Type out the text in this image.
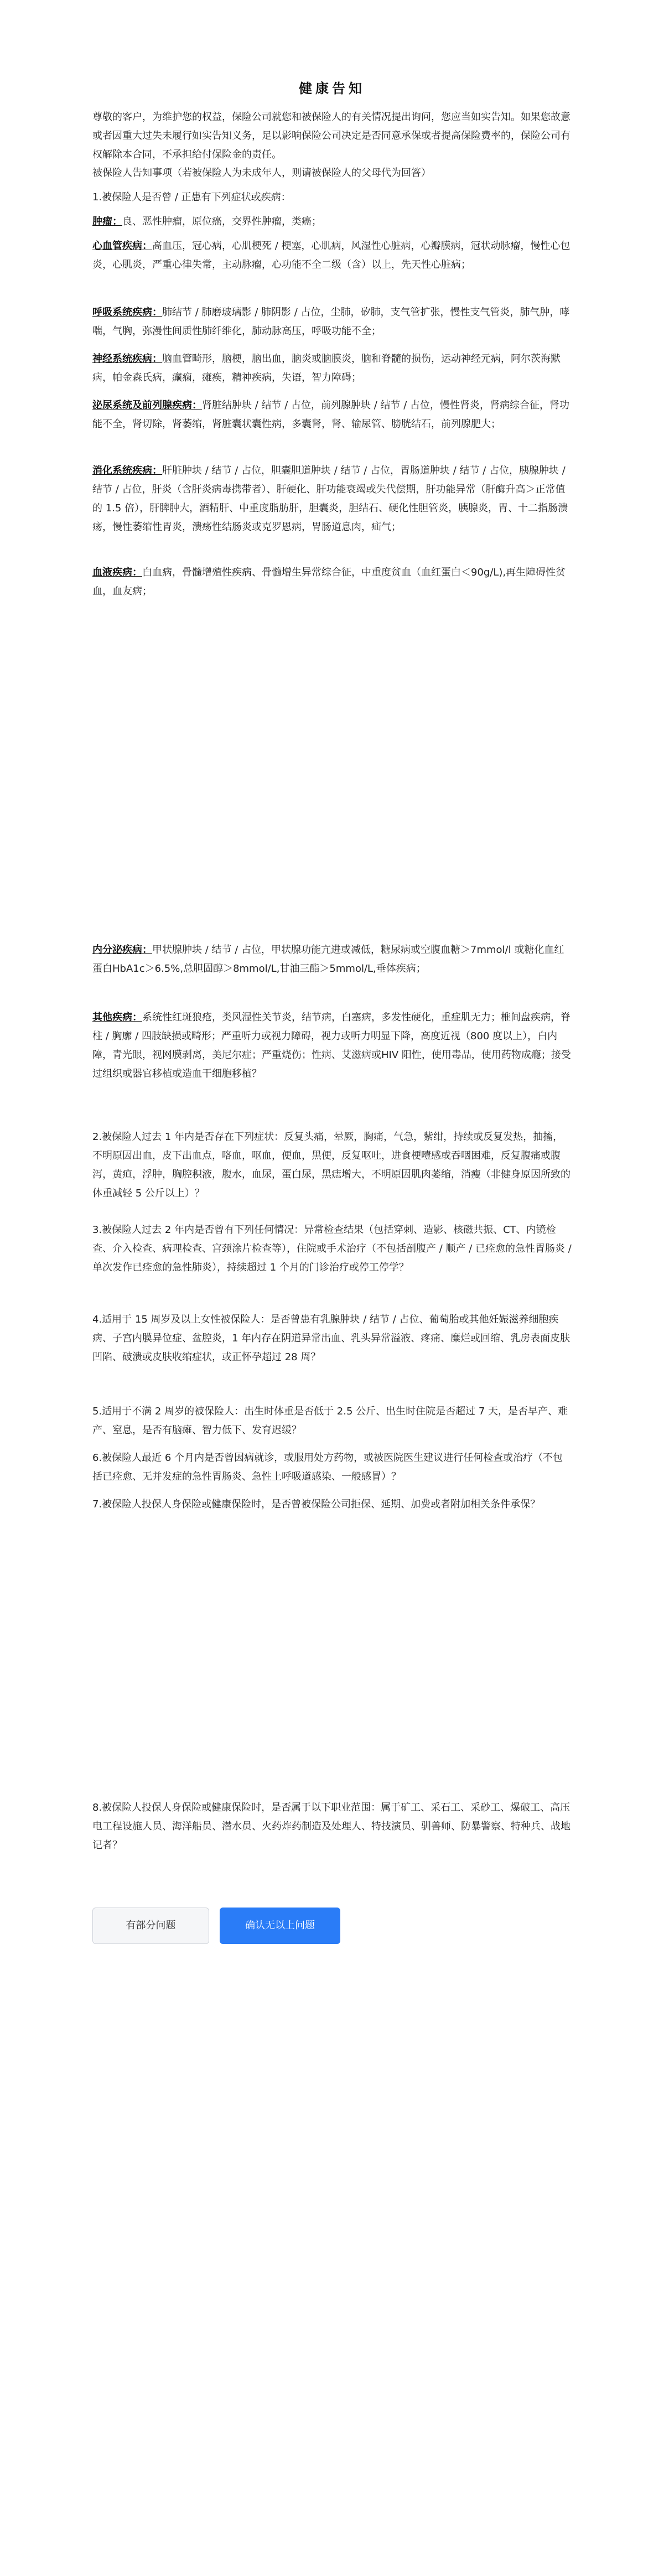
健康告知

尊敬的客户，为维护您的权益，保险公司就您和被保险人的有关情况提出询问，您应当如实告知。如果您故意或者因重大过失未履行如实告知义务，足以影响保险公司决定是否同意承保或者提高保险费率的，保险公司有权解除本合同，不承担给付保险金的责任。

被保险人告知事项（若被保险人为未成年人，则请被保险人的父母代为回答）

1.被保险人是否曾 / 正患有下列症状或疾病：

肿瘤：良、恶性肿瘤，原位癌，交界性肿瘤，类癌；

心血管疾病：高血压，冠心病，心肌梗死 / 梗塞，心肌病，风湿性心脏病，心瓣膜病，冠状动脉瘤，慢性心包炎，心肌炎，严重心律失常，主动脉瘤，心功能不全二级（含）以上，先天性心脏病；

呼吸系统疾病：肺结节 / 肺磨玻璃影 / 肺阴影 / 占位，尘肺，矽肺，支气管扩张，慢性支气管炎，肺气肿，哮喘，气胸，弥漫性间质性肺纤维化，肺动脉高压，呼吸功能不全；

神经系统疾病：脑血管畸形，脑梗，脑出血，脑炎或脑膜炎，脑和脊髓的损伤，运动神经元病，阿尔茨海默病，帕金森氏病，癫痫，瘫痪，精神疾病，失语，智力障碍；

泌尿系统及前列腺疾病：肾脏结肿块 / 结节 / 占位，前列腺肿块 / 结节 / 占位，慢性肾炎，肾病综合征，肾功能不全，肾切除，肾萎缩，肾脏囊状囊性病，多囊肾，肾、输尿管、膀胱结石，前列腺肥大；

消化系统疾病：肝脏肿块 / 结节 / 占位，胆囊胆道肿块 / 结节 / 占位，胃肠道肿块 / 结节 / 占位，胰腺肿块 / 结节 / 占位，肝炎（含肝炎病毒携带者）、肝硬化、肝功能衰竭或失代偿期，肝功能异常（肝酶升高＞正常值的 1.5 倍），肝脾肿大，酒精肝、中重度脂肪肝，胆囊炎，胆结石、硬化性胆管炎，胰腺炎，胃、十二指肠溃疡，慢性萎缩性胃炎，溃疡性结肠炎或克罗恩病，胃肠道息肉，疝气；

血液疾病：白血病，骨髓增殖性疾病、骨髓增生异常综合征，中重度贫血（血红蛋白＜90g/L),再生障碍性贫血，血友病；

内分泌疾病：甲状腺肿块 / 结节 / 占位，甲状腺功能亢进或减低，糖尿病或空腹血糖＞7mmol/l 或糖化血红蛋白HbA1c＞6.5%,总胆固醇＞8mmol/L,甘油三酯＞5mmol/L,垂体疾病；

其他疾病：系统性红斑狼疮，类风湿性关节炎，结节病，白塞病，多发性硬化，重症肌无力；椎间盘疾病，脊柱 / 胸廓 / 四肢缺损或畸形；严重听力或视力障碍，视力或听力明显下降，高度近视（800 度以上），白内障，青光眼，视网膜剥离，美尼尔症；严重烧伤；性病、艾滋病或HIV 阳性，使用毒品，使用药物成瘾；接受过组织或器官移植或造血干细胞移植？

2.被保险人过去 1 年内是否存在下列症状：反复头痛，晕厥，胸痛，气急，紫绀，持续或反复发热，抽搐，不明原因出血，皮下出血点，咯血，呕血，便血，黑便，反复呕吐，进食梗噎感或吞咽困难，反复腹痛或腹泻，黄疸，浮肿，胸腔积液，腹水，血尿，蛋白尿，黑痣增大，不明原因肌肉萎缩，消瘦（非健身原因所致的体重减轻 5 公斤以上）？

3.被保险人过去 2 年内是否曾有下列任何情况：异常检查结果（包括穿刺、造影、核磁共振、CT、内镜检查、介入检查、病理检查、宫颈涂片检查等），住院或手术治疗（不包括剖腹产 / 顺产 / 已痊愈的急性胃肠炎 / 单次发作已痊愈的急性肺炎），持续超过 1 个月的门诊治疗或停工停学？

4.适用于 15 周岁及以上女性被保险人：是否曾患有乳腺肿块 / 结节 / 占位、葡萄胎或其他妊娠滋养细胞疾病、子宫内膜异位症、盆腔炎，1 年内存在阴道异常出血、乳头异常溢液、疼痛、糜烂或回缩、乳房表面皮肤凹陷、破溃或皮肤收缩症状，或正怀孕超过 28 周？

5.适用于不满 2 周岁的被保险人：出生时体重是否低于 2.5 公斤、出生时住院是否超过 7 天，是否早产、难产、窒息，是否有脑瘫、智力低下、发育迟缓？

6.被保险人最近 6 个月内是否曾因病就诊，或服用处方药物，或被医院医生建议进行任何检查或治疗（不包括已痊愈、无并发症的急性胃肠炎、急性上呼吸道感染、一般感冒）？

7.被保险人投保人身保险或健康保险时，是否曾被保险公司拒保、延期、加费或者附加相关条件承保？

8.被保险人投保人身保险或健康保险时，是否属于以下职业范围：属于矿工、采石工、采砂工、爆破工、高压电工程设施人员、海洋船员、潜水员、火药炸药制造及处理人、特技演员、驯兽师、防暴警察、特种兵、战地记者？

有部分问题	确认无以上问题
